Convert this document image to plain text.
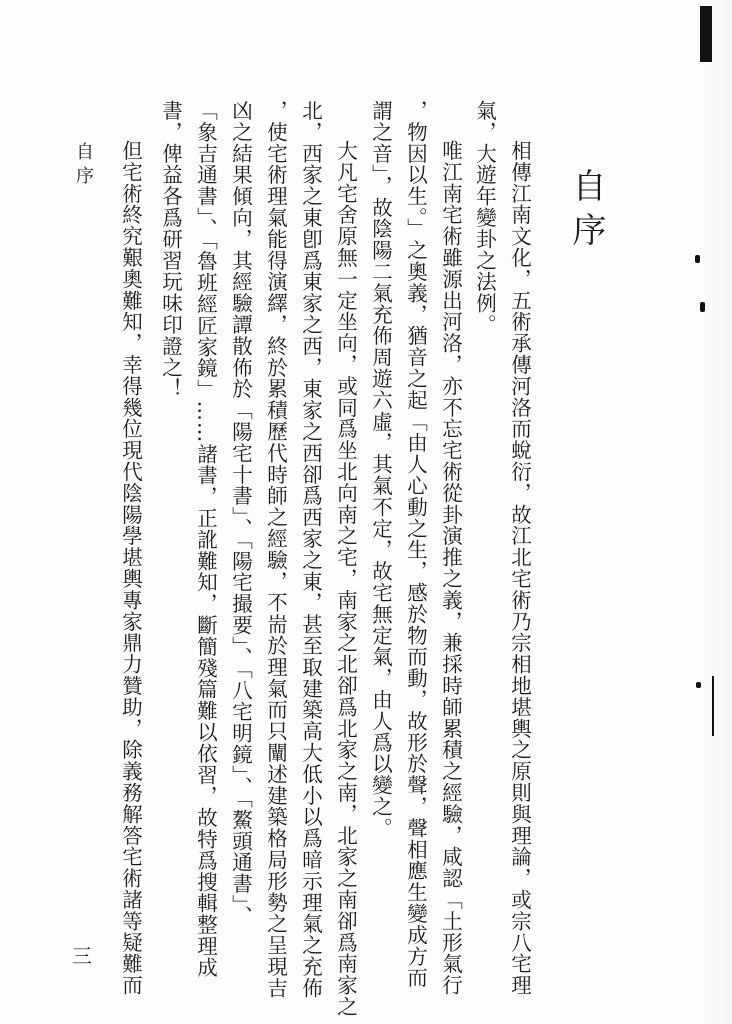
自序
相傳江南文化，五術承傳河洛而蛻衍，故江北宅術乃宗相地堪輿之原則與理論，或宗八宅理
氣，大遊年變卦之法例。
唯江南宅術雖源出河洛，亦不忘宅術從卦演推之義，兼採時師累積之經驗，咸認「土形氣行
，物因以生。」之奧義，猶音之起「由人心動之生，感於物而動，故形於聲，聲相應生變成方而
謂之音」，故陰陽二氣充佈周遊六虛，其氣不定，故宅無定氣，由人爲以變之。
大凡宅舍原無一定坐向，或同爲坐北向南之宅，南家之北卻爲北家之南，北家之南卻爲南家之
北，西家之東卽爲東家之西，東家之西卻爲西家之東，甚至取建築高大低小以爲暗示理氣之充佈
，使宅術理氣能得演繹，終於累積歷代時師之經驗，不耑於理氣而只闡述建築格局形勢之呈現吉
凶之結果傾向，其經驗譚散佈於「陽宅十書」、「陽宅撮要」、「八宅明鏡」、「鰲頭通書」、
「象吉通書」、「魯班經匠家鏡」……諸書，正訛難知，斷簡殘篇難以依習，故特爲搜輯整理成
書，俾益各爲研習玩味印證之！
但宅術終究艱奧難知，幸得幾位現代陰陽學堪輿專家鼎力贊助，除義務解答宅術諸等疑難而
自序
三
